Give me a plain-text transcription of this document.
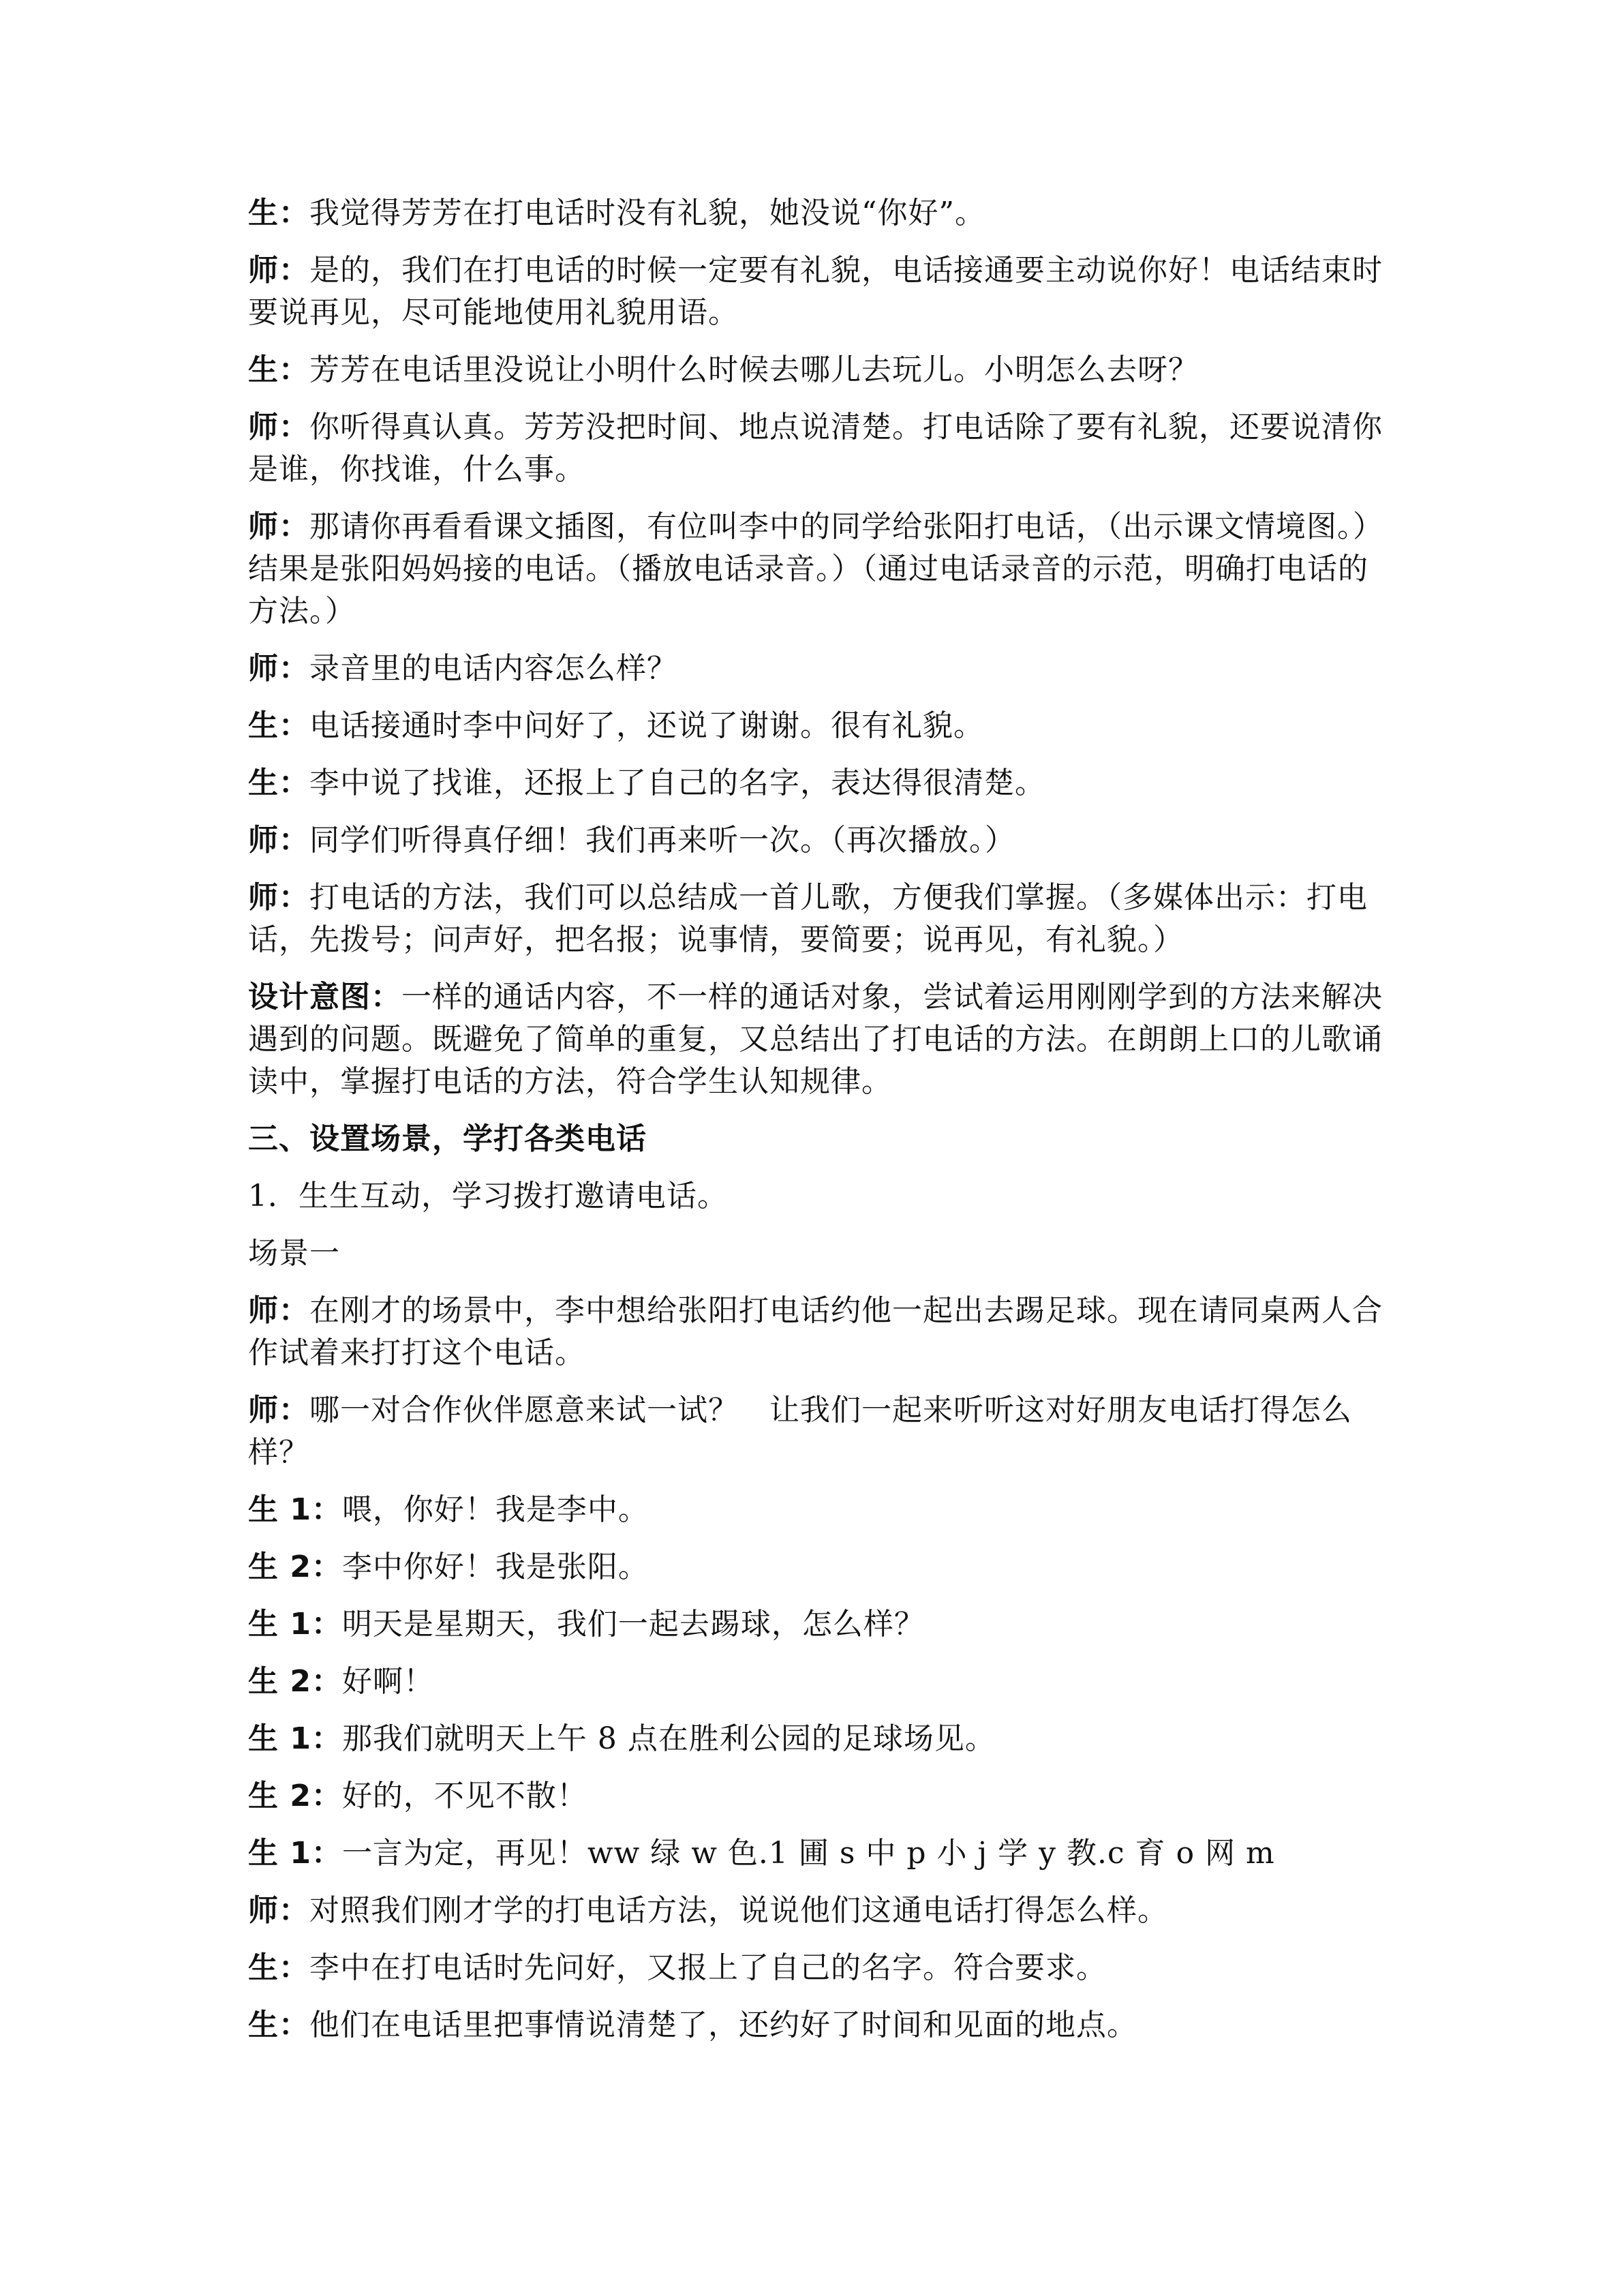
生：我觉得芳芳在打电话时没有礼貌，她没说“你好”。

师：是的，我们在打电话的时候一定要有礼貌，电话接通要主动说你好！电话结束时要说再见，尽可能地使用礼貌用语。

生：芳芳在电话里没说让小明什么时候去哪儿去玩儿。小明怎么去呀？

师：你听得真认真。芳芳没把时间、地点说清楚。打电话除了要有礼貌，还要说清你是谁，你找谁，什么事。

师：那请你再看看课文插图，有位叫李中的同学给张阳打电话，（出示课文情境图。）结果是张阳妈妈接的电话。（播放电话录音。）（通过电话录音的示范，明确打电话的方法。）

师：录音里的电话内容怎么样？

生：电话接通时李中问好了，还说了谢谢。很有礼貌。

生：李中说了找谁，还报上了自己的名字，表达得很清楚。

师：同学们听得真仔细！我们再来听一次。（再次播放。）

师：打电话的方法，我们可以总结成一首儿歌，方便我们掌握。（多媒体出示：打电话，先拨号；问声好，把名报；说事情，要简要；说再见，有礼貌。）

设计意图：一样的通话内容，不一样的通话对象，尝试着运用刚刚学到的方法来解决遇到的问题。既避免了简单的重复，又总结出了打电话的方法。在朗朗上口的儿歌诵读中，掌握打电话的方法，符合学生认知规律。

三、设置场景，学打各类电话

1．生生互动，学习拨打邀请电话。

场景一

师：在刚才的场景中，李中想给张阳打电话约他一起出去踢足球。现在请同桌两人合作试着来打打这个电话。

师：哪一对合作伙伴愿意来试一试？　让我们一起来听听这对好朋友电话打得怎么样？

生 1：喂，你好！我是李中。

生 2：李中你好！我是张阳。

生 1：明天是星期天，我们一起去踢球，怎么样？

生 2：好啊！

生 1：那我们就明天上午 8 点在胜利公园的足球场见。

生 2：好的，不见不散！

生 1：一言为定，再见！ww 绿 w 色.1 圃 s 中 p 小 j 学 y 教.c 育 o 网 m

师：对照我们刚才学的打电话方法，说说他们这通电话打得怎么样。

生：李中在打电话时先问好，又报上了自己的名字。符合要求。

生：他们在电话里把事情说清楚了，还约好了时间和见面的地点。
